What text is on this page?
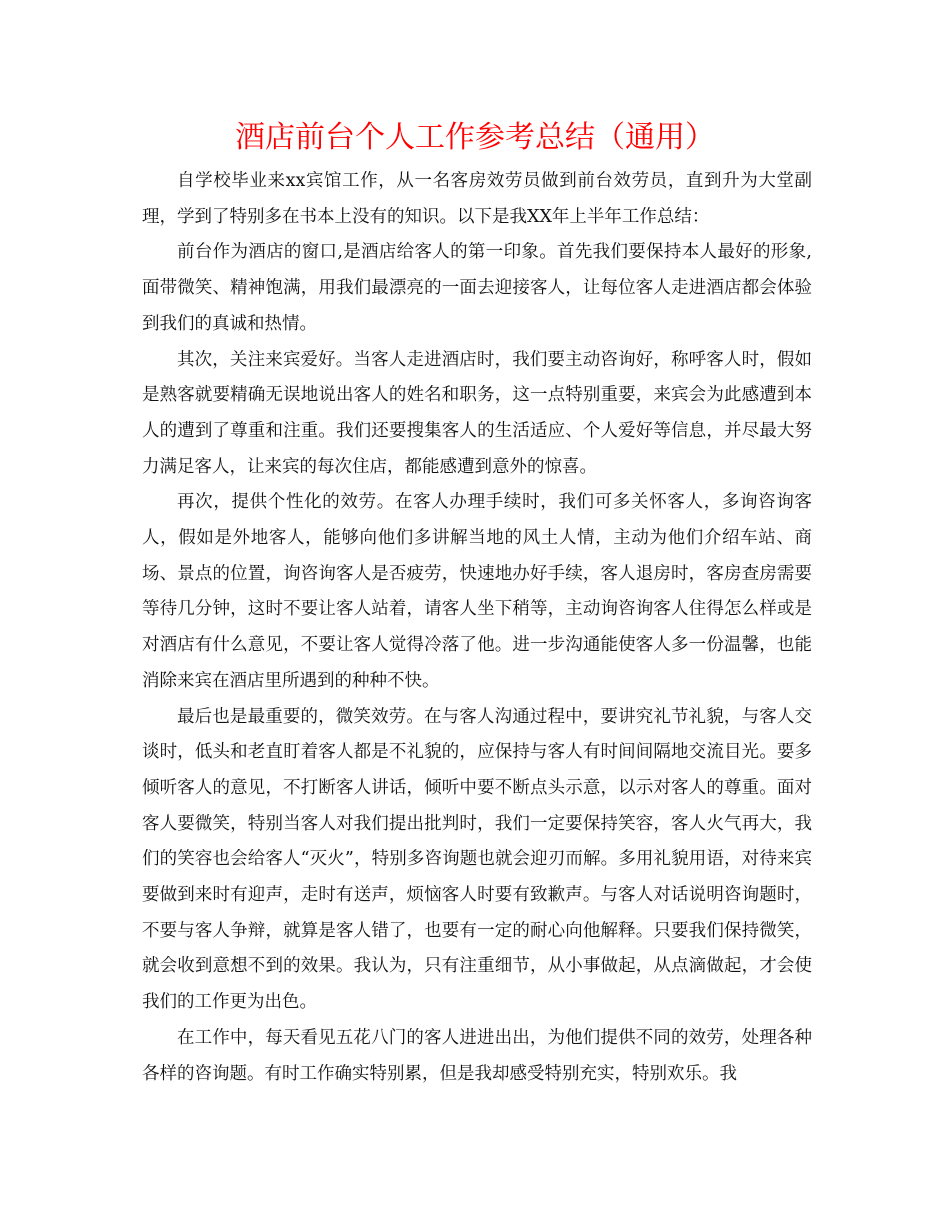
酒店前台个人工作参考总结（通用）

自学校毕业来xx宾馆工作，从一名客房效劳员做到前台效劳员，直到升为大堂副理，学到了特别多在书本上没有的知识。以下是我XX年上半年工作总结：

前台作为酒店的窗口,是酒店给客人的第一印象。首先我们要保持本人最好的形象,面带微笑、精神饱满，用我们最漂亮的一面去迎接客人，让每位客人走进酒店都会体验到我们的真诚和热情。

其次，关注来宾爱好。当客人走进酒店时，我们要主动咨询好，称呼客人时，假如是熟客就要精确无误地说出客人的姓名和职务，这一点特别重要，来宾会为此感遭到本人的遭到了尊重和注重。我们还要搜集客人的生活适应、个人爱好等信息，并尽最大努力满足客人，让来宾的每次住店，都能感遭到意外的惊喜。

再次，提供个性化的效劳。在客人办理手续时，我们可多关怀客人，多询咨询客人，假如是外地客人，能够向他们多讲解当地的风土人情，主动为他们介绍车站、商场、景点的位置，询咨询客人是否疲劳，快速地办好手续，客人退房时，客房查房需要等待几分钟，这时不要让客人站着，请客人坐下稍等，主动询咨询客人住得怎么样或是对酒店有什么意见，不要让客人觉得冷落了他。进一步沟通能使客人多一份温馨，也能消除来宾在酒店里所遇到的种种不快。

最后也是最重要的，微笑效劳。在与客人沟通过程中，要讲究礼节礼貌，与客人交谈时，低头和老直盯着客人都是不礼貌的，应保持与客人有时间间隔地交流目光。要多倾听客人的意见，不打断客人讲话，倾听中要不断点头示意，以示对客人的尊重。面对客人要微笑，特别当客人对我们提出批判时，我们一定要保持笑容，客人火气再大，我们的笑容也会给客人“灭火”，特别多咨询题也就会迎刃而解。多用礼貌用语，对待来宾要做到来时有迎声，走时有送声，烦恼客人时要有致歉声。与客人对话说明咨询题时，不要与客人争辩，就算是客人错了，也要有一定的耐心向他解释。只要我们保持微笑，就会收到意想不到的效果。我认为，只有注重细节，从小事做起，从点滴做起，才会使我们的工作更为出色。

在工作中，每天看见五花八门的客人进进出出，为他们提供不同的效劳，处理各种各样的咨询题。有时工作确实特别累，但是我却感受特别充实，特别欢乐。我
